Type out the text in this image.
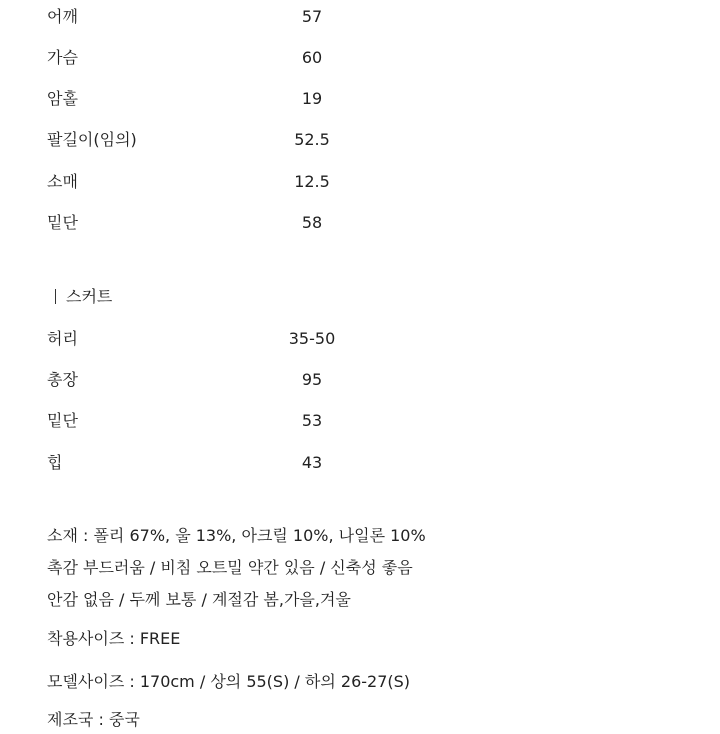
어깨	57
가슴	60
암홀	19
팔길이(임의)	52.5
소매	12.5
밑단	58
스커트
허리	35-50
총장	95
밑단	53
힙	43
소재 : 폴리 67%, 울 13%, 아크릴 10%, 나일론 10%
촉감 부드러움 / 비침 오트밀 약간 있음 / 신축성 좋음
안감 없음 / 두께 보통 / 계절감 봄,가을,겨울
착용사이즈 : FREE
모델사이즈 : 170cm / 상의 55(S) / 하의 26-27(S)
제조국 : 중국
